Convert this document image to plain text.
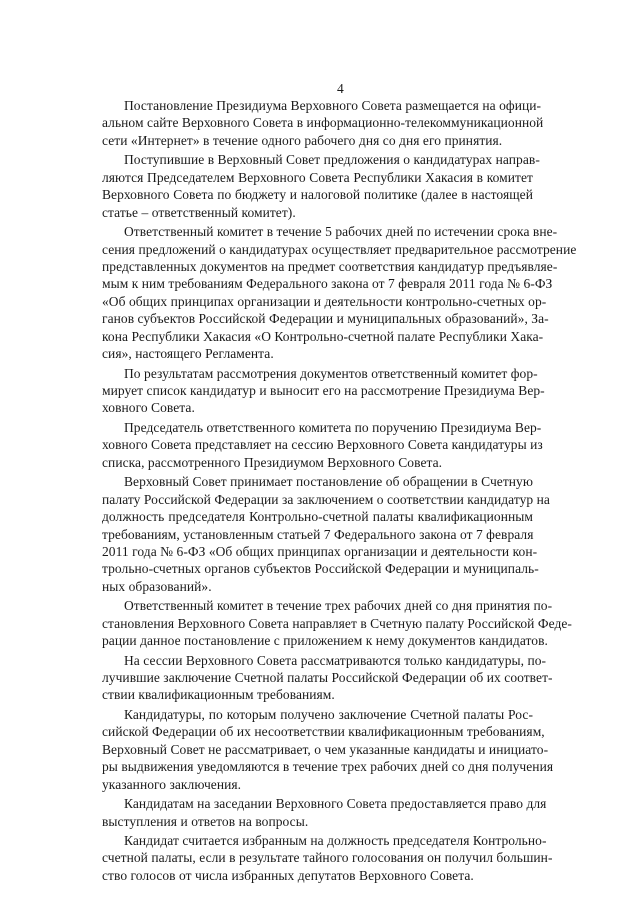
4
Постановление Президиума Верховного Совета размещается на офици-
альном сайте Верховного Совета в информационно-телекоммуникационной
сети «Интернет» в течение одного рабочего дня со дня его принятия.
Поступившие в Верховный Совет предложения о кандидатурах направ-
ляются Председателем Верховного Совета Республики Хакасия в комитет
Верховного Совета по бюджету и налоговой политике (далее в настоящей
статье – ответственный комитет).
Ответственный комитет в течение 5 рабочих дней по истечении срока вне-
сения предложений о кандидатурах осуществляет предварительное рассмотрение
представленных документов на предмет соответствия кандидатур предъявляе-
мым к ним требованиям Федерального закона от 7 февраля 2011 года № 6-ФЗ
«Об общих принципах организации и деятельности контрольно-счетных ор-
ганов субъектов Российской Федерации и муниципальных образований», За-
кона Республики Хакасия «О Контрольно-счетной палате Республики Хака-
сия», настоящего Регламента.
По результатам рассмотрения документов ответственный комитет фор-
мирует список кандидатур и выносит его на рассмотрение Президиума Вер-
ховного Совета.
Председатель ответственного комитета по поручению Президиума Вер-
ховного Совета представляет на сессию Верховного Совета кандидатуры из
списка, рассмотренного Президиумом Верховного Совета.
Верховный Совет принимает постановление об обращении в Счетную
палату Российской Федерации за заключением о соответствии кандидатур на
должность председателя Контрольно-счетной палаты квалификационным
требованиям, установленным статьей 7 Федерального закона от 7 февраля
2011 года № 6-ФЗ «Об общих принципах организации и деятельности кон-
трольно-счетных органов субъектов Российской Федерации и муниципаль-
ных образований».
Ответственный комитет в течение трех рабочих дней со дня принятия по-
становления Верховного Совета направляет в Счетную палату Российской Феде-
рации данное постановление с приложением к нему документов кандидатов.
На сессии Верховного Совета рассматриваются только кандидатуры, по-
лучившие заключение Счетной палаты Российской Федерации об их соответ-
ствии квалификационным требованиям.
Кандидатуры, по которым получено заключение Счетной палаты Рос-
сийской Федерации об их несоответствии квалификационным требованиям,
Верховный Совет не рассматривает, о чем указанные кандидаты и инициато-
ры выдвижения уведомляются в течение трех рабочих дней со дня получения
указанного заключения.
Кандидатам на заседании Верховного Совета предоставляется право для
выступления и ответов на вопросы.
Кандидат считается избранным на должность председателя Контрольно-
счетной палаты, если в результате тайного голосования он получил большин-
ство голосов от числа избранных депутатов Верховного Совета.
